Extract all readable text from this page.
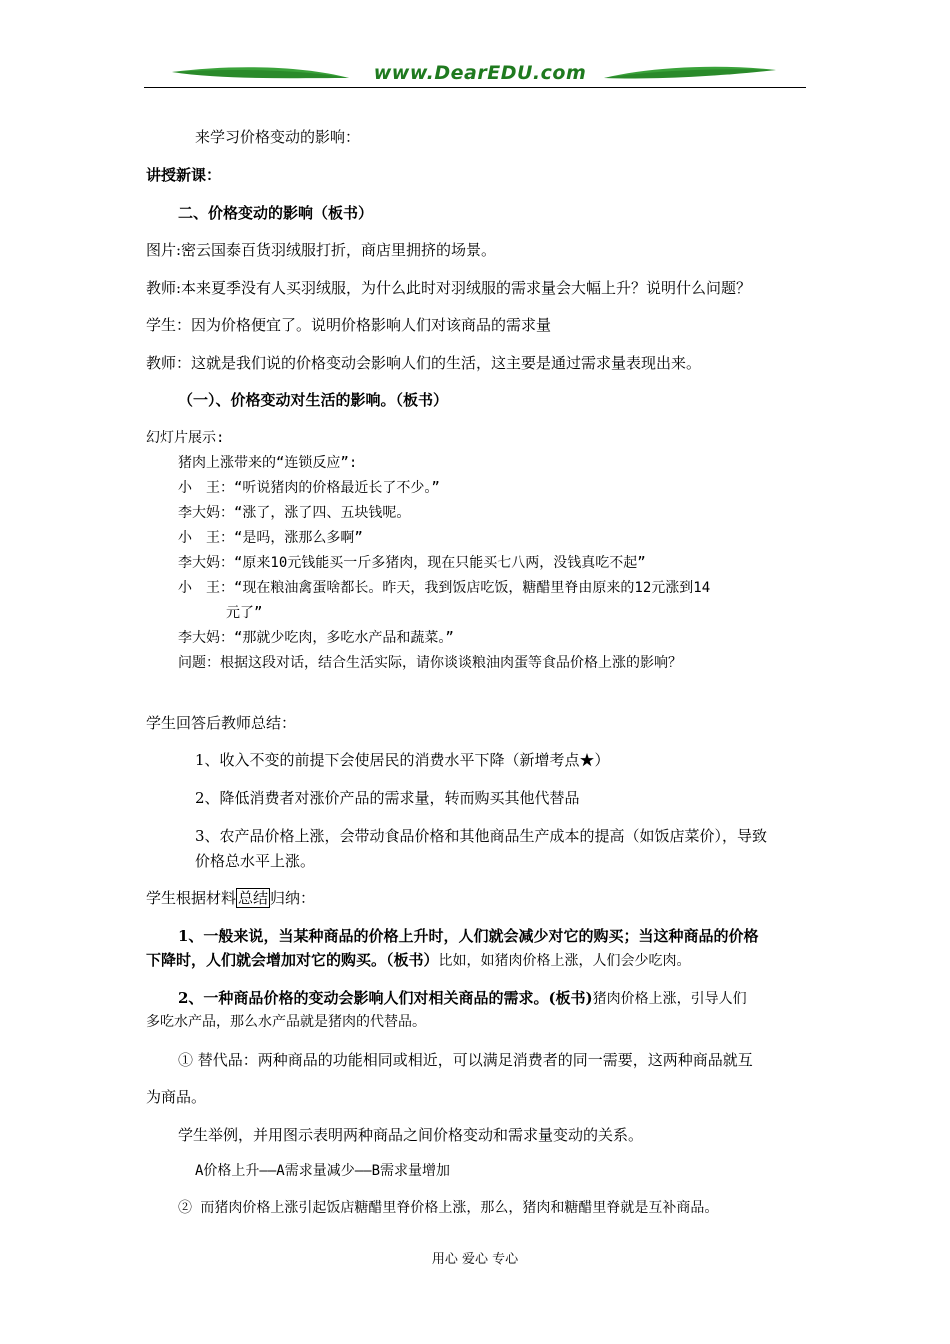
www.DearEDU.com
来学习价格变动的影响：
讲授新课：
二、价格变动的影响（板书）
图片:密云国泰百货羽绒服打折，商店里拥挤的场景。
教师:本来夏季没有人买羽绒服，为什么此时对羽绒服的需求量会大幅上升？说明什么问题？
学生：因为价格便宜了。说明价格影响人们对该商品的需求量
教师：这就是我们说的价格变动会影响人们的生活，这主要是通过需求量表现出来。
（一）、价格变动对生活的影响。（板书）
幻灯片展示:
猪肉上涨带来的“连锁反应”:
小　王：“听说猪肉的价格最近长了不少。”
李大妈：“涨了，涨了四、五块钱呢。
小　王：“是吗，涨那么多啊”
李大妈：“原来10元钱能买一斤多猪肉，现在只能买七八两，没钱真吃不起”
小　王：“现在粮油禽蛋啥都长。昨天，我到饭店吃饭，糖醋里脊由原来的12元涨到14
元了”
李大妈：“那就少吃肉，多吃水产品和蔬菜。”
问题：根据这段对话，结合生活实际，请你谈谈粮油肉蛋等食品价格上涨的影响？
学生回答后教师总结：
1、收入不变的前提下会使居民的消费水平下降（新增考点★）
2、降低消费者对涨价产品的需求量，转而购买其他代替品
3、农产品价格上涨，会带动食品价格和其他商品生产成本的提高（如饭店菜价），导致
价格总水平上涨。
学生根据材料 总结 归纳：
1、一般来说，当某种商品的价格上升时，人们就会减少对它的购买；当这种商品的价格
下降时，人们就会增加对它的购买。（板书）比如，如猪肉价格上涨，人们会少吃肉。
2、一种商品价格的变动会影响人们对相关商品的需求。(板书)猪肉价格上涨，引导人们
多吃水产品，那么水产品就是猪肉的代替品。
① 替代品：两种商品的功能相同或相近，可以满足消费者的同一需要，这两种商品就互
为商品。
学生举例，并用图示表明两种商品之间价格变动和需求量变动的关系。
A价格上升——A需求量减少——B需求量增加
② 而猪肉价格上涨引起饭店糖醋里脊价格上涨，那么，猪肉和糖醋里脊就是互补商品。
用心 爱心 专心
